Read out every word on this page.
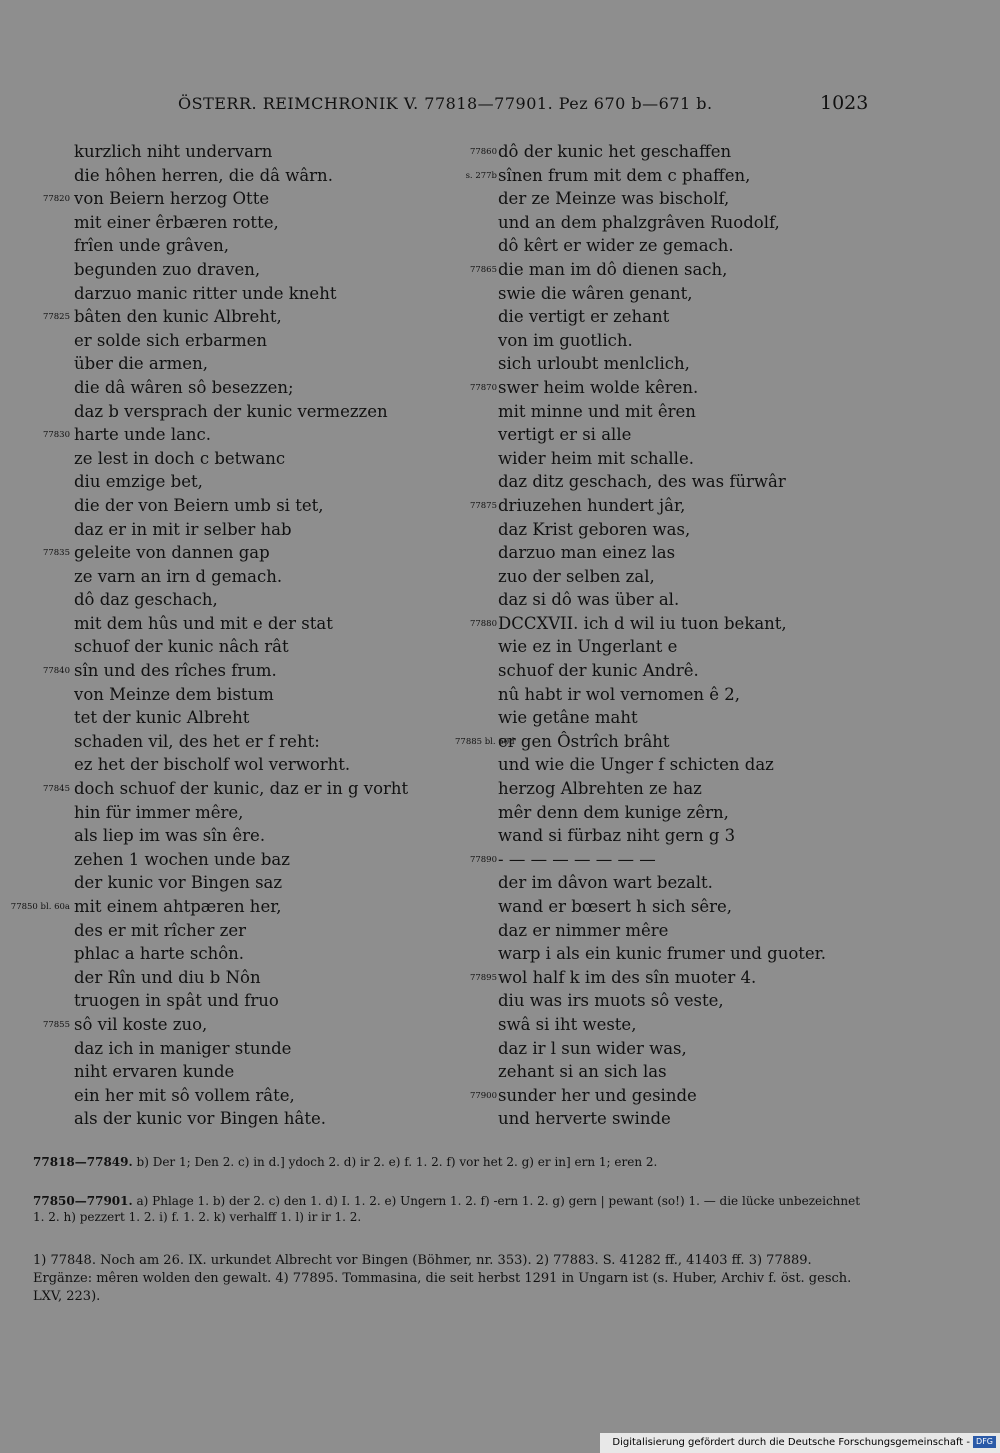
ÖSTERR. REIMCHRONIK V. 77818—77901. Pez 670 b—671 b.	1023
kurzlich niht undervarn
die hôhen herren, die dâ wârn.
77820 von Beiern herzog Otte
mit einer êrbæren rotte,
frîen unde grâven,
begunden zuo draven,
darzuo manic ritter unde kneht
77825 bâten den kunic Albreht,
er solde sich erbarmen
über die armen,
die dâ wâren sô besezzen;
daz b versprach der kunic vermezzen
77830 harte unde lanc.
ze lest in doch c betwanc
diu emzige bet,
die der von Beiern umb si tet,
daz er in mit ir selber hab
77835 geleite von dannen gap
ze varn an irn d gemach.
dô daz geschach,
mit dem hûs und mit e der stat
schuof der kunic nâch rât
77840 sîn und des rîches frum.
von Meinze dem bistum
tet der kunic Albreht
schaden vil, des het er f reht:
ez het der bischolf wol verworht.
77845 doch schuof der kunic, daz er in g vorht
hin für immer mêre,
als liep im was sîn êre.
zehen 1 wochen unde baz
der kunic vor Bingen saz
77850 bl. 60a mit einem ahtpæren her,
des er mit rîcher zer
phlac a harte schôn.
der Rîn und diu b Nôn
truogen in spât und fruo
77855 sô vil koste zuo,
daz ich in maniger stunde
niht ervaren kunde
ein her mit sô vollem râte,
als der kunic vor Bingen hâte.
77860 dô der kunic het geschaffen
s. 277b sînen frum mit dem c phaffen,
der ze Meinze was bischolf,
und an dem phalzgrâven Ruodolf,
dô kêrt er wider ze gemach.
77865 die man im dô dienen sach,
swie die wâren genant,
die vertigt er zehant
von im guotlich.
sich urloubt menlclich,
77870 swer heim wolde kêren.
mit minne und mit êren
vertigt er si alle
wider heim mit schalle.
daz ditz geschach, des was fürwâr
77875 driuzehen hundert jâr,
daz Krist geboren was,
darzuo man einez las
zuo der selben zal,
daz si dô was über al.
77880 DCCXVII. ich d wil iu tuon bekant,
wie ez in Ungerlant e
schuof der kunic Andrê.
nû habt ir wol vernomen ê 2,
wie getâne maht
77885 bl. 60d
er gen Ôstrîch brâht
und wie die Unger f schicten daz
herzog Albrehten ze haz
mêr denn dem kunige zêrn,
wand si fürbaz niht gern g 3
77890 - — — — — — — —
der im dâvon wart bezalt.
wand er bœsert h sich sêre,
daz er nimmer mêre
warp i als ein kunic frumer und guoter.
77895 wol half k im des sîn muoter 4.
diu was irs muots sô veste,
swâ si iht weste,
daz ir l sun wider was,
zehant si an sich las
77900 sunder her und gesinde
und herverte swinde
77818—77849. b) Der 1; Den 2. c) in d.] ydoch 2. d) ir 2. e) f. 1. 2. f) vor het 2. g) er in] ern 1; eren 2.
77850—77901. a) Phlage 1. b) der 2. c) den 1. d) I. 1. 2. e) Ungern 1. 2. f) -ern 1. 2. g) gern | pewant (so!) 1. — die lücke unbezeichnet 1. 2. h) pezzert 1. 2. i) f. 1. 2. k) verhalff 1. l) ir ir 1. 2.
1) 77848. Noch am 26. IX. urkundet Albrecht vor Bingen (Böhmer, nr. 353). 2) 77883. S. 41282 ff., 41403 ff. 3) 77889. Ergänze: mêren wolden den gewalt. 4) 77895. Tommasina, die seit herbst 1291 in Ungarn ist (s. Huber, Archiv f. öst. gesch. LXV, 223).
Digitalisierung gefördert durch die Deutsche Forschungsgemeinschaft - DFG
